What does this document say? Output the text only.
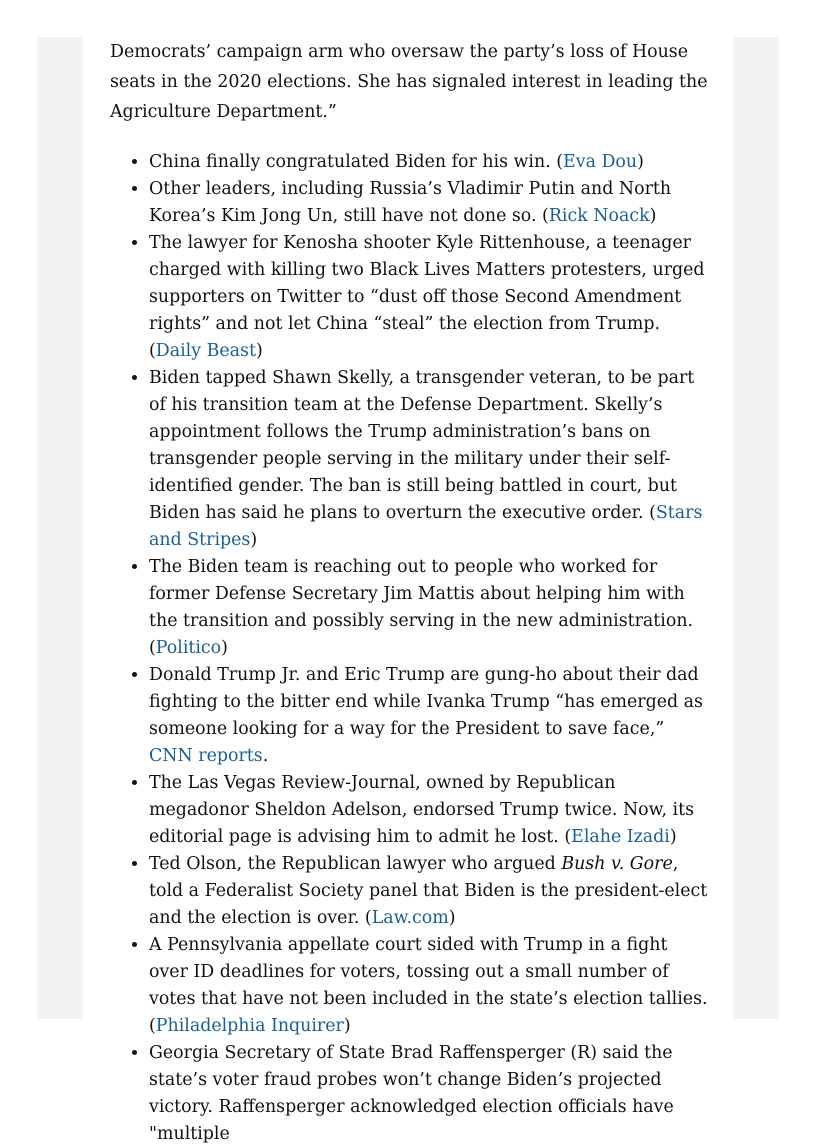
Democrats’ campaign arm who oversaw the party’s loss of House seats in the 2020 elections. She has signaled interest in leading the Agriculture Department.”

• China finally congratulated Biden for his win. (Eva Dou)
• Other leaders, including Russia’s Vladimir Putin and North Korea’s Kim Jong Un, still have not done so. (Rick Noack)
• The lawyer for Kenosha shooter Kyle Rittenhouse, a teenager charged with killing two Black Lives Matters protesters, urged supporters on Twitter to “dust off those Second Amendment rights” and not let China “steal” the election from Trump. (Daily Beast)
• Biden tapped Shawn Skelly, a transgender veteran, to be part of his transition team at the Defense Department. Skelly’s appointment follows the Trump administration’s bans on transgender people serving in the military under their self-identified gender. The ban is still being battled in court, but Biden has said he plans to overturn the executive order. (Stars and Stripes)
• The Biden team is reaching out to people who worked for former Defense Secretary Jim Mattis about helping him with the transition and possibly serving in the new administration. (Politico)
• Donald Trump Jr. and Eric Trump are gung-ho about their dad fighting to the bitter end while Ivanka Trump “has emerged as someone looking for a way for the President to save face,” CNN reports.
• The Las Vegas Review-Journal, owned by Republican megadonor Sheldon Adelson, endorsed Trump twice. Now, its editorial page is advising him to admit he lost. (Elahe Izadi)
• Ted Olson, the Republican lawyer who argued Bush v. Gore, told a Federalist Society panel that Biden is the president-elect and the election is over. (Law.com)
• A Pennsylvania appellate court sided with Trump in a fight over ID deadlines for voters, tossing out a small number of votes that have not been included in the state’s election tallies. (Philadelphia Inquirer)
• Georgia Secretary of State Brad Raffensperger (R) said the state’s voter fraud probes won’t change Biden’s projected victory. Raffensperger acknowledged election officials have "multiple
